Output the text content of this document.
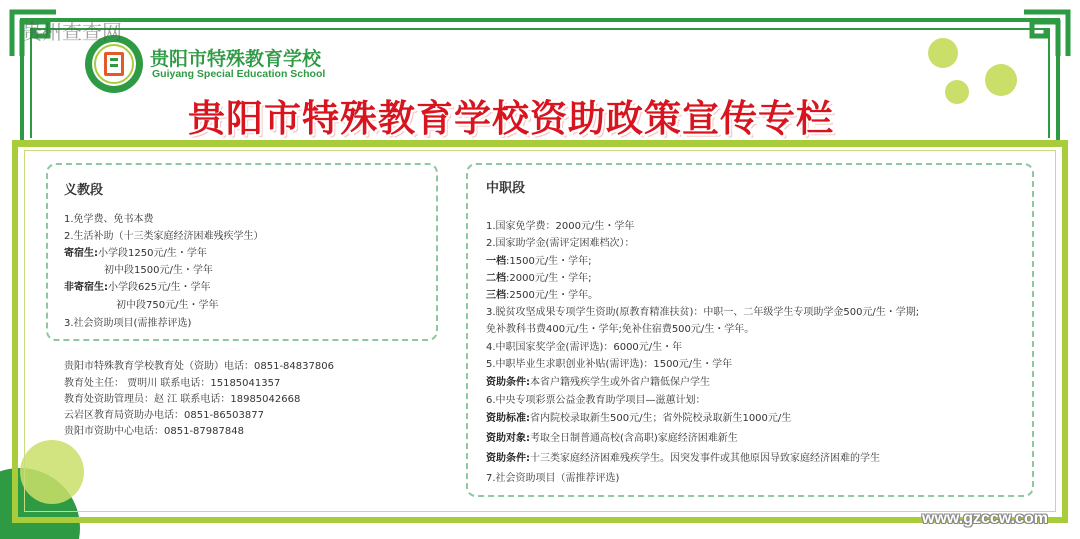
贵阳市特殊教育学校
Guiyang Special Education School
贵阳市特殊教育学校资助政策宣传专栏
贵州查查网
义教段
1.免学费、免书本费
2.生活补助（十三类家庭经济困难残疾学生）
寄宿生:小学段1250元/生・学年
初中段1500元/生・学年
非寄宿生:小学段625元/生・学年
初中段750元/生・学年
3.社会资助项目(需推荐评选)
贵阳市特殊教育学校教育处（资助）电话：0851-84837806
教育处主任： 贾明川 联系电话：15185041357
教育处资助管理员：赵 江 联系电话：18985042668
云岩区教育局资助办电话：0851-86503877
贵阳市资助中心电话：0851-87987848
中职段
1.国家免学费：2000元/生・学年
2.国家助学金(需评定困难档次）：
一档:1500元/生・学年;
二档:2000元/生・学年;
三档:2500元/生・学年。
3.脱贫攻坚成果专项学生资助(原教育精准扶贫)：中职一、二年级学生专项助学金500元/生・学期;
免补教科书费400元/生・学年;免补住宿费500元/生・学年。
4.中职国家奖学金(需评选)：6000元/生・年
5.中职毕业生求职创业补贴(需评选)：1500元/生・学年
资助条件:本省户籍残疾学生或外省户籍低保户学生
6.中央专项彩票公益金教育助学项目—滋蕙计划：
资助标准:省内院校录取新生500元/生；省外院校录取新生1000元/生
资助对象:考取全日制普通高校(含高职)家庭经济困难新生
资助条件:十三类家庭经济困难残疾学生。因突发事件或其他原因导致家庭经济困难的学生
7.社会资助项目（需推荐评选)
www.gzccw.com
